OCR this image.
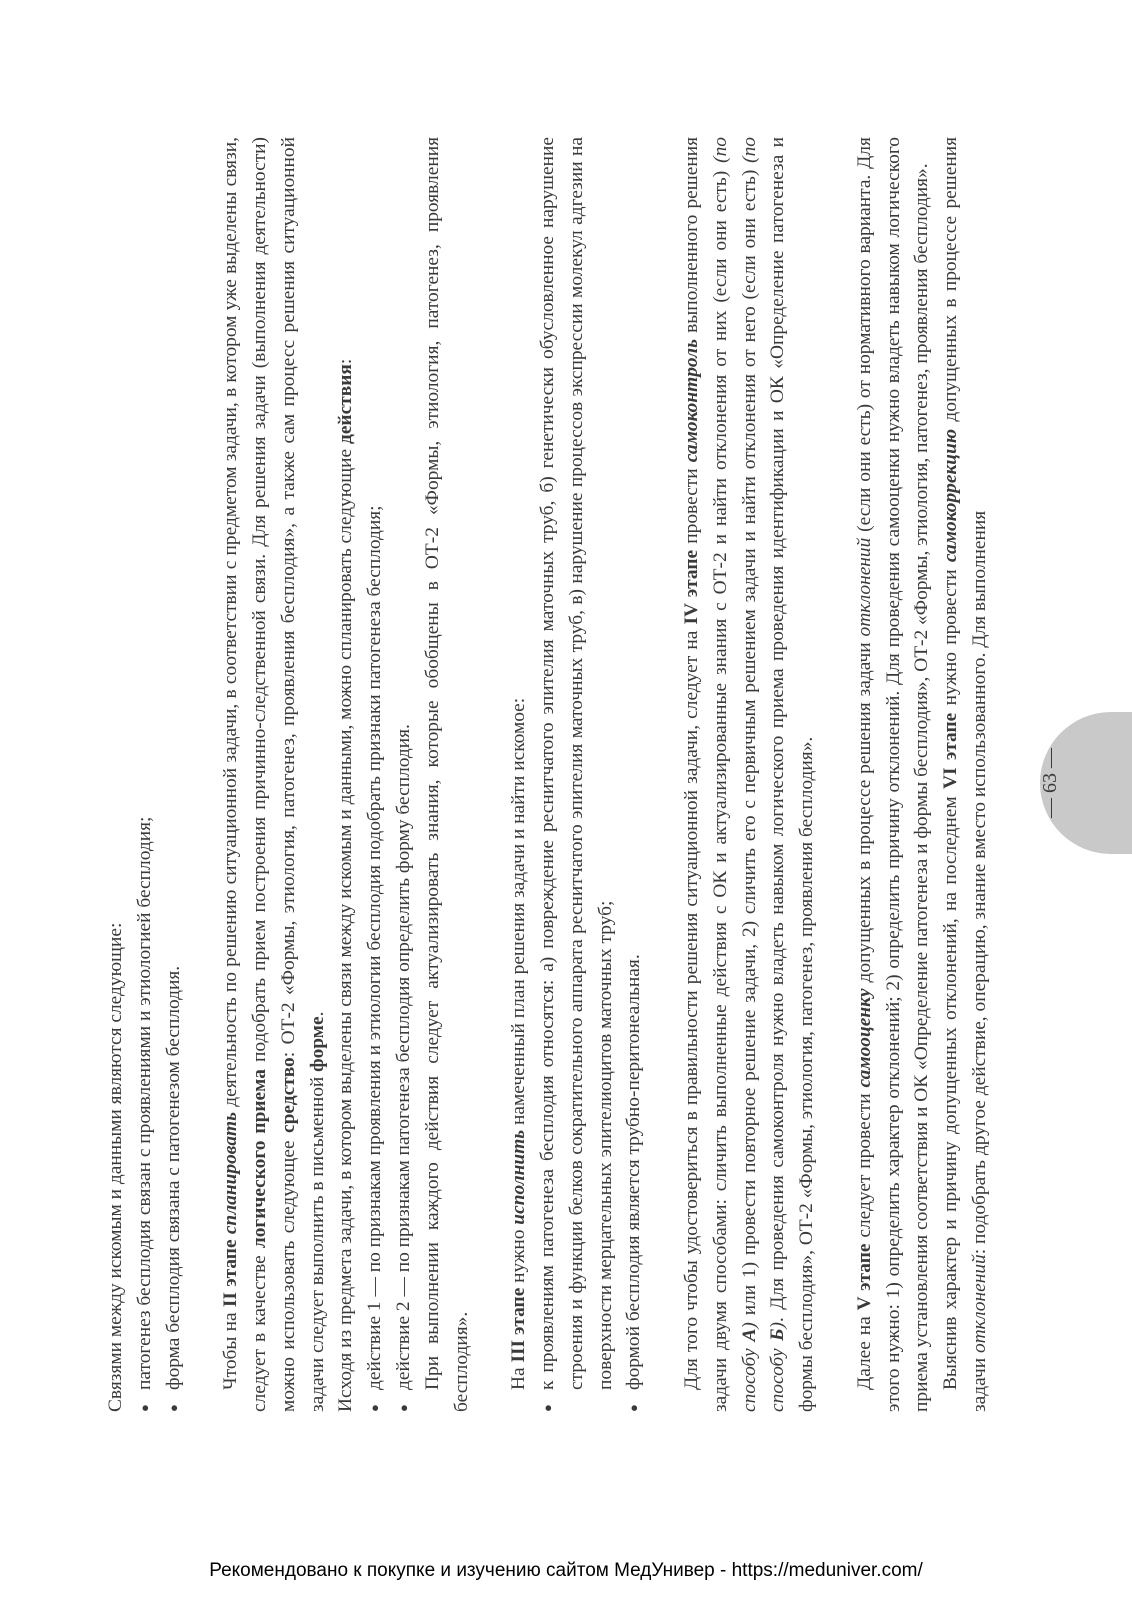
Связями между искомым и данными являются следующие: ● патогенез бесплодия связан с проявлениями и этиологией бесплодия; ● форма бесплодия связана с патогенезом бесплодия. Чтобы на II этапе спланировать деятельность по решению ситуационной задачи, в соответствии с предметом задачи, в котором уже выделены связи, следует в качестве логического приема подобрать прием построения причинно-следственной связи. Для решения задачи (выполнения деятельности) можно использовать следующее средство: ОТ-2 «Формы, этиология, патогенез, проявления бесплодия», а также сам процесс решения ситуационной задачи следует выполнить в письменной форме. Исходя из предмета задачи, в котором выделены связи между искомым и данными, можно спланировать следующие действия:

● действие 1 — по признакам проявления и этиологии бесплодия подобрать признаки патогенеза бесплодия; ● действие 2 — по признакам патогенеза бесплодия определить форму бесплодия. При выполнении каждого действия следует актуализировать знания, которые обобщены в ОТ-2 «Формы, этиология, патогенез, проявления бесплодия». На III этапе нужно исполнить намеченный план решения задачи и найти искомое: ● к проявлениям патогенеза бесплодия относятся: а) повреждение реснитчатого эпителия маточных труб, б) генетически обусловленное нарушение строения и функции белков сократительного аппарата реснитчатого эпителия маточных труб, в) нарушение процессов экспрессии молекул адгезии на поверхности мерцательных эпителиоцитов маточных труб; ● формой бесплодия является трубно-перитонеальная. Для того чтобы удостовериться в правильности решения ситуационной задачи, следует на IV этапе провести самоконтроль выполненного решения задачи двумя способами: сличить выполненные действия с ОК и актуализированные знания с ОТ-2 и найти отклонения от них (если они есть) (по способу А) или 1) провести повторное решение задачи, 2) сличить его с первичным решением задачи и найти отклонения от него (если они есть) (по способу Б). Для проведения самоконтроля нужно владеть навыком логического приема проведения идентификации и ОК «Определение патогенеза и формы бесплодия», ОТ-2 «Формы, этиология, патогенез, проявления бесплодия». Далее на V этапе следует провести самооценку допущенных в процессе решения задачи отклонений (если они есть) от нормативного варианта. Для этого нужно: 1) определить характер отклонений; 2) определить причину отклонений. Для проведения самооценки нужно владеть навыком логического приема установления соответствия и ОК «Определение патогенеза и формы бесплодия», ОТ-2 «Формы, этиология, патогенез, проявления бесплодия». Выяснив характер и причину допущенных отклонений, на последнем VI этапе нужно провести самокоррекцию допущенных в процессе решения задачи отклонений: подобрать другое действие, операцию, знание вместо использованного. Для выполнения	— 63 —
Рекомендовано к покупке и изучению сайтом МедУнивер - https://meduniver.com/
